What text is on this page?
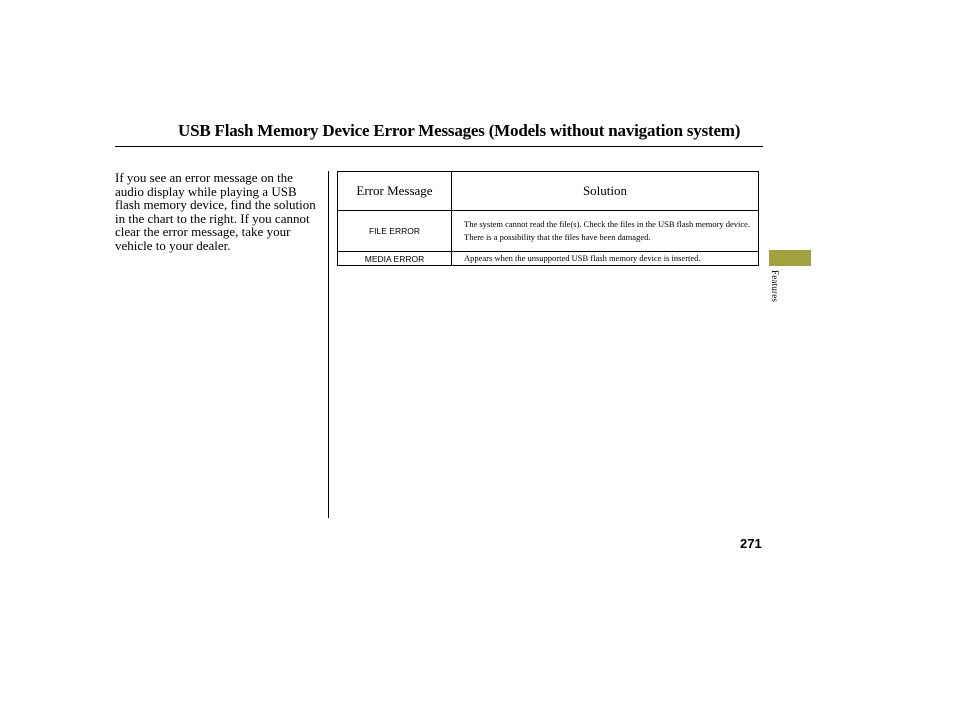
USB Flash Memory Device Error Messages (Models without navigation system)

If you see an error message on the audio display while playing a USB flash memory device, find the solution in the chart to the right. If you cannot clear the error message, take your vehicle to your dealer.

Error Message	Solution
FILE ERROR	The system cannot read the file(s). Check the files in the USB flash memory device. There is a possibility that the files have been damaged.
MEDIA ERROR	Appears when the unsupported USB flash memory device is inserted.
Features
271
